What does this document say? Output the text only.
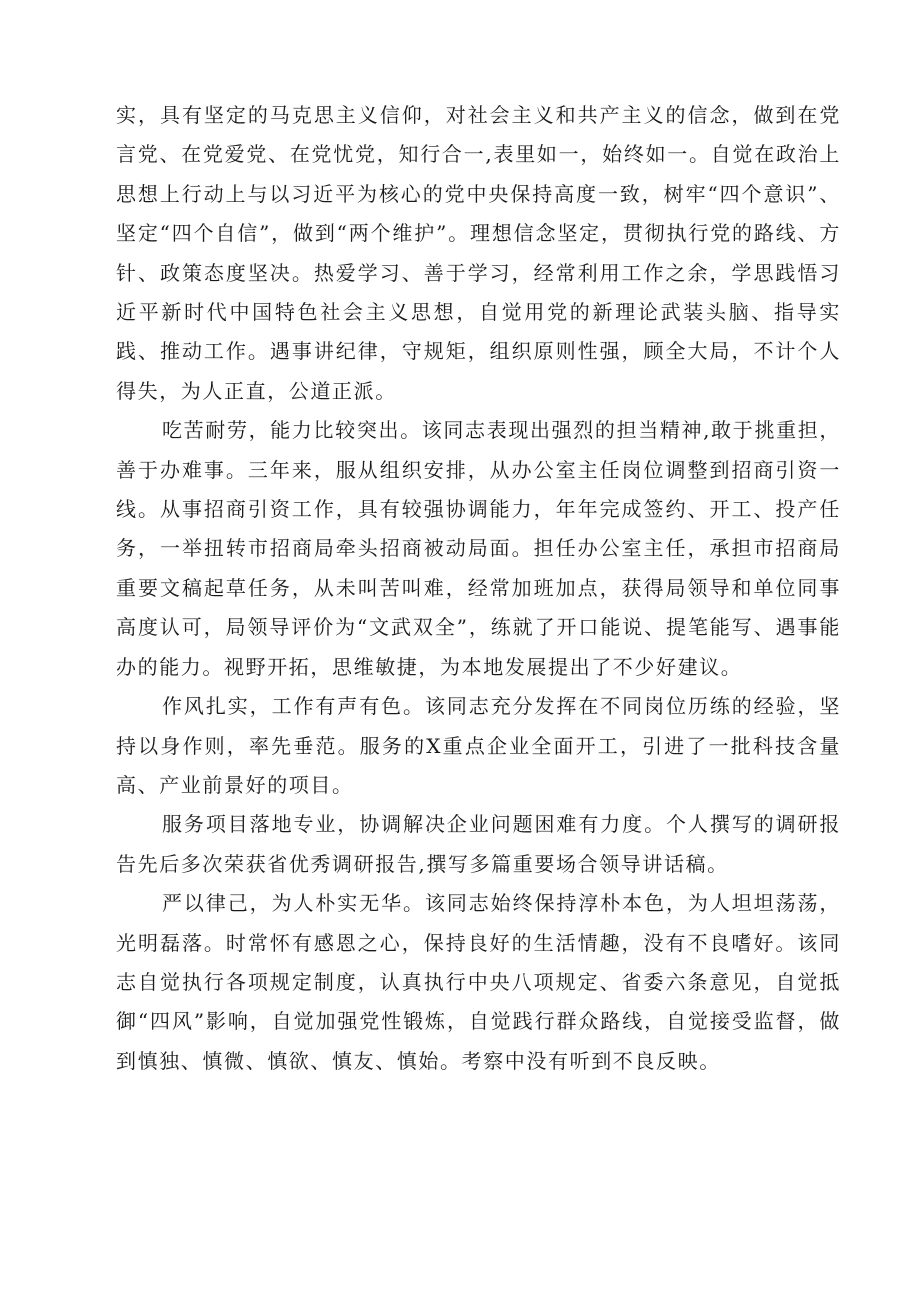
实，具有坚定的马克思主义信仰，对社会主义和共产主义的信念，做到在党言党、在党爱党、在党忧党，知行合一,表里如一，始终如一。自觉在政治上思想上行动上与以习近平为核心的党中央保持高度一致，树牢“四个意识”、坚定“四个自信”，做到“两个维护”。理想信念坚定，贯彻执行党的路线、方针、政策态度坚决。热爱学习、善于学习，经常利用工作之余，学思践悟习近平新时代中国特色社会主义思想，自觉用党的新理论武装头脑、指导实践、推动工作。遇事讲纪律，守规矩，组织原则性强，顾全大局，不计个人得失，为人正直，公道正派。

吃苦耐劳，能力比较突出。该同志表现出强烈的担当精神,敢于挑重担，善于办难事。三年来，服从组织安排，从办公室主任岗位调整到招商引资一线。从事招商引资工作，具有较强协调能力，年年完成签约、开工、投产任务，一举扭转市招商局牵头招商被动局面。担任办公室主任，承担市招商局重要文稿起草任务，从未叫苦叫难，经常加班加点，获得局领导和单位同事高度认可，局领导评价为“文武双全”，练就了开口能说、提笔能写、遇事能办的能力。视野开拓，思维敏捷，为本地发展提出了不少好建议。

作风扎实，工作有声有色。该同志充分发挥在不同岗位历练的经验，坚持以身作则，率先垂范。服务的X重点企业全面开工，引进了一批科技含量高、产业前景好的项目。

服务项目落地专业，协调解决企业问题困难有力度。个人撰写的调研报告先后多次荣获省优秀调研报告,撰写多篇重要场合领导讲话稿。

严以律己，为人朴实无华。该同志始终保持淳朴本色，为人坦坦荡荡，光明磊落。时常怀有感恩之心，保持良好的生活情趣，没有不良嗜好。该同志自觉执行各项规定制度，认真执行中央八项规定、省委六条意见，自觉抵御“四风”影响，自觉加强党性锻炼，自觉践行群众路线，自觉接受监督，做到慎独、慎微、慎欲、慎友、慎始。考察中没有听到不良反映。
